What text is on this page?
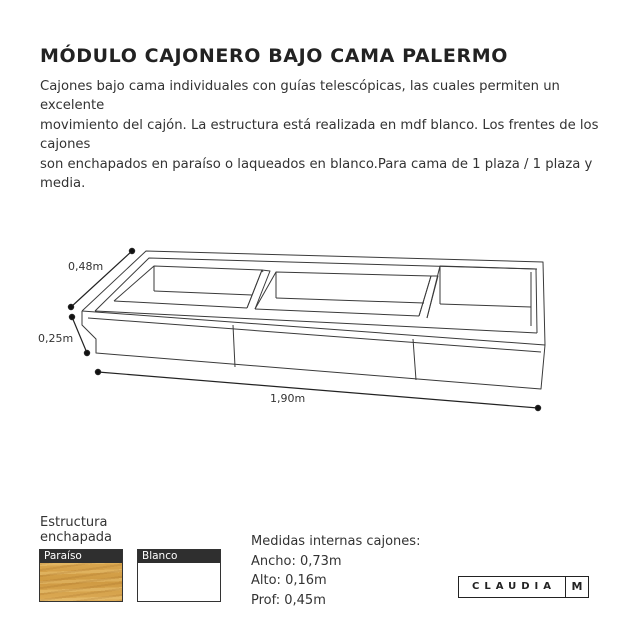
MÓDULO CAJONERO BAJO CAMA PALERMO
Cajones bajo cama individuales con guías telescópicas, las cuales permiten un excelente
movimiento del cajón. La estructura está realizada en mdf blanco. Los frentes de los cajones
son enchapados en paraíso o laqueados en blanco.Para cama de 1 plaza / 1 plaza y media.
0,48m
0,25m
1,90m
Estructura
enchapada
Paraíso	Blanco
Medidas internas cajones:
Ancho: 0,73m
Alto: 0,16m
Prof: 0,45m
CLAUDIA	M
